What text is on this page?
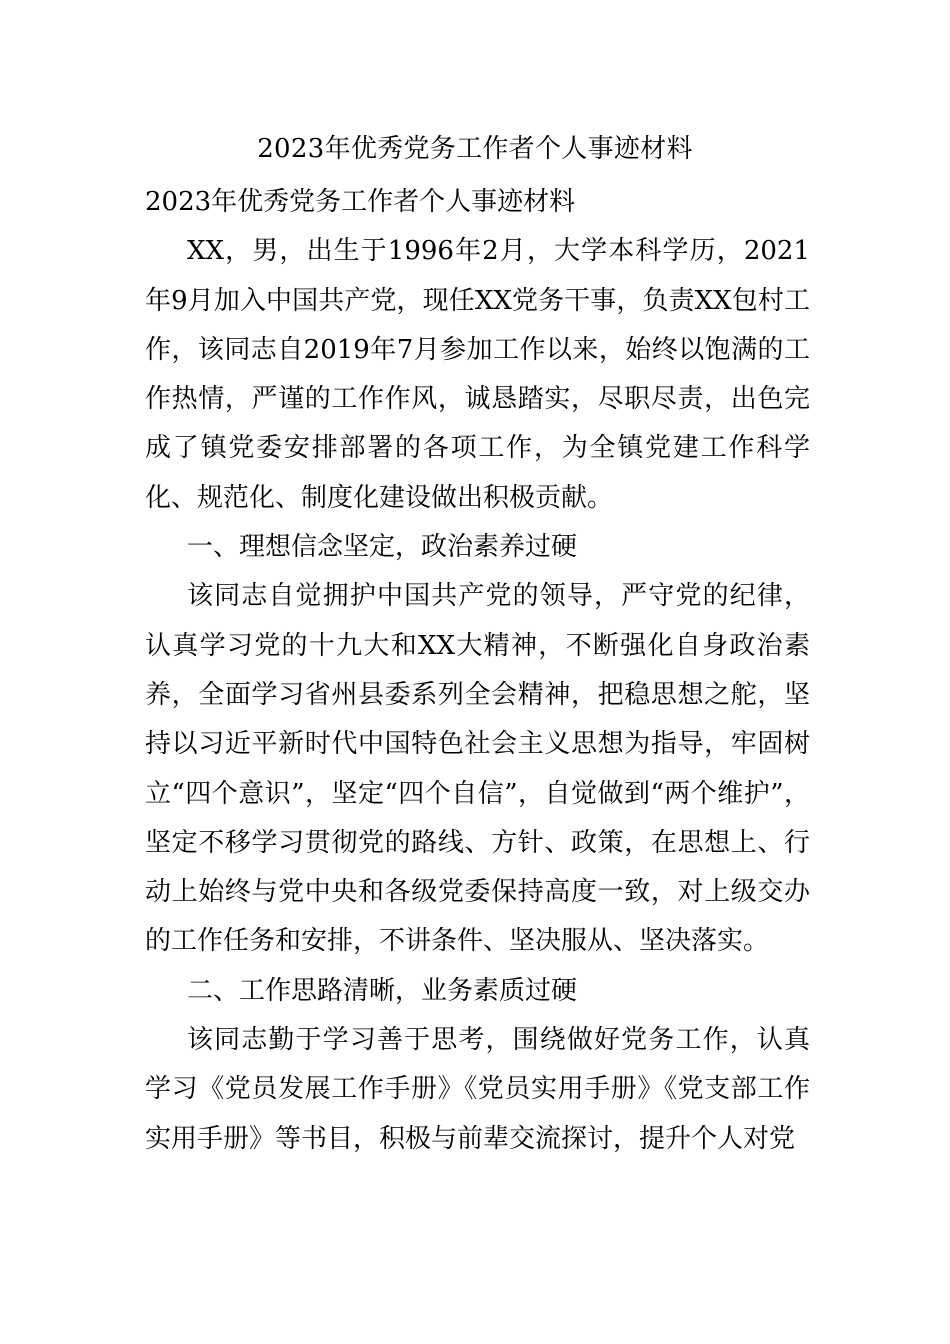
2023年优秀党务工作者个人事迹材料

2023年优秀党务工作者个人事迹材料

XX，男，出生于1996年2月，大学本科学历，2021年9月加入中国共产党，现任XX党务干事，负责XX包村工作，该同志自2019年7月参加工作以来，始终以饱满的工作热情，严谨的工作作风，诚恳踏实，尽职尽责，出色完成了镇党委安排部署的各项工作，为全镇党建工作科学化、规范化、制度化建设做出积极贡献。

一、理想信念坚定，政治素养过硬

该同志自觉拥护中国共产党的领导，严守党的纪律，认真学习党的十九大和XX大精神，不断强化自身政治素养，全面学习省州县委系列全会精神，把稳思想之舵，坚持以习近平新时代中国特色社会主义思想为指导，牢固树立“四个意识”，坚定“四个自信”，自觉做到“两个维护”，坚定不移学习贯彻党的路线、方针、政策，在思想上、行动上始终与党中央和各级党委保持高度一致，对上级交办的工作任务和安排，不讲条件、坚决服从、坚决落实。

二、工作思路清晰，业务素质过硬

该同志勤于学习善于思考，围绕做好党务工作，认真学习《党员发展工作手册》《党员实用手册》《党支部工作实用手册》等书目，积极与前辈交流探讨，提升个人对党
